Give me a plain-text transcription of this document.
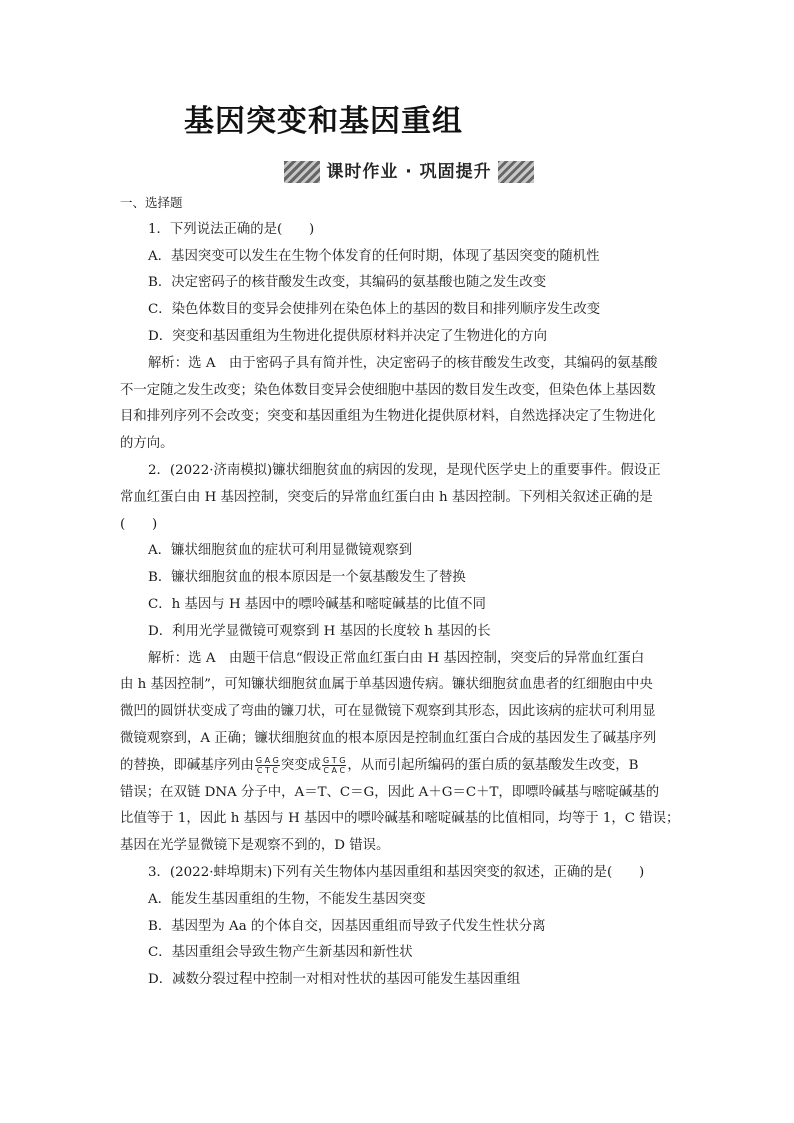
基因突变和基因重组
课时作业 · 巩固提升
一、选择题
1．下列说法正确的是(　　)
A．基因突变可以发生在生物个体发育的任何时期，体现了基因突变的随机性
B．决定密码子的核苷酸发生改变，其编码的氨基酸也随之发生改变
C．染色体数目的变异会使排列在染色体上的基因的数目和排列顺序发生改变
D．突变和基因重组为生物进化提供原材料并决定了生物进化的方向
解析：选 A　由于密码子具有简并性，决定密码子的核苷酸发生改变，其编码的氨基酸
不一定随之发生改变；染色体数目变异会使细胞中基因的数目发生改变，但染色体上基因数
目和排列序列不会改变；突变和基因重组为生物进化提供原材料，自然选择决定了生物进化
的方向。
2．(2022·济南模拟)镰状细胞贫血的病因的发现，是现代医学史上的重要事件。假设正
常血红蛋白由 H 基因控制，突变后的异常血红蛋白由 h 基因控制。下列相关叙述正确的是
(　　)
A．镰状细胞贫血的症状可利用显微镜观察到
B．镰状细胞贫血的根本原因是一个氨基酸发生了替换
C．h 基因与 H 基因中的嘌呤碱基和嘧啶碱基的比值不同
D．利用光学显微镜可观察到 H 基因的长度较 h 基因的长
解析：选 A　由题干信息“假设正常血红蛋白由 H 基因控制，突变后的异常血红蛋白
由 h 基因控制”，可知镰状细胞贫血属于单基因遗传病。镰状细胞贫血患者的红细胞由中央
微凹的圆饼状变成了弯曲的镰刀状，可在显微镜下观察到其形态，因此该病的症状可利用显
微镜观察到，A 正确；镰状细胞贫血的根本原因是控制血红蛋白合成的基因发生了碱基序列
的替换，即碱基序列由 $\frac{\text{G A G}}{\text{C T C}}$ 突变成 $\frac{\text{G T G}}{\text{C A C}}$ ，从而引起所编码的蛋白质的氨基酸发生改变，B
错误；在双链 DNA 分子中，A＝T、C＝G，因此 A＋G＝C＋T，即嘌呤碱基与嘧啶碱基的
比值等于 1，因此 h 基因与 H 基因中的嘌呤碱基和嘧啶碱基的比值相同，均等于 1，C 错误；
基因在光学显微镜下是观察不到的，D 错误。
3．(2022·蚌埠期末)下列有关生物体内基因重组和基因突变的叙述，正确的是(　　)
A．能发生基因重组的生物，不能发生基因突变
B．基因型为 Aa 的个体自交，因基因重组而导致子代发生性状分离
C．基因重组会导致生物产生新基因和新性状
D．减数分裂过程中控制一对相对性状的基因可能发生基因重组
